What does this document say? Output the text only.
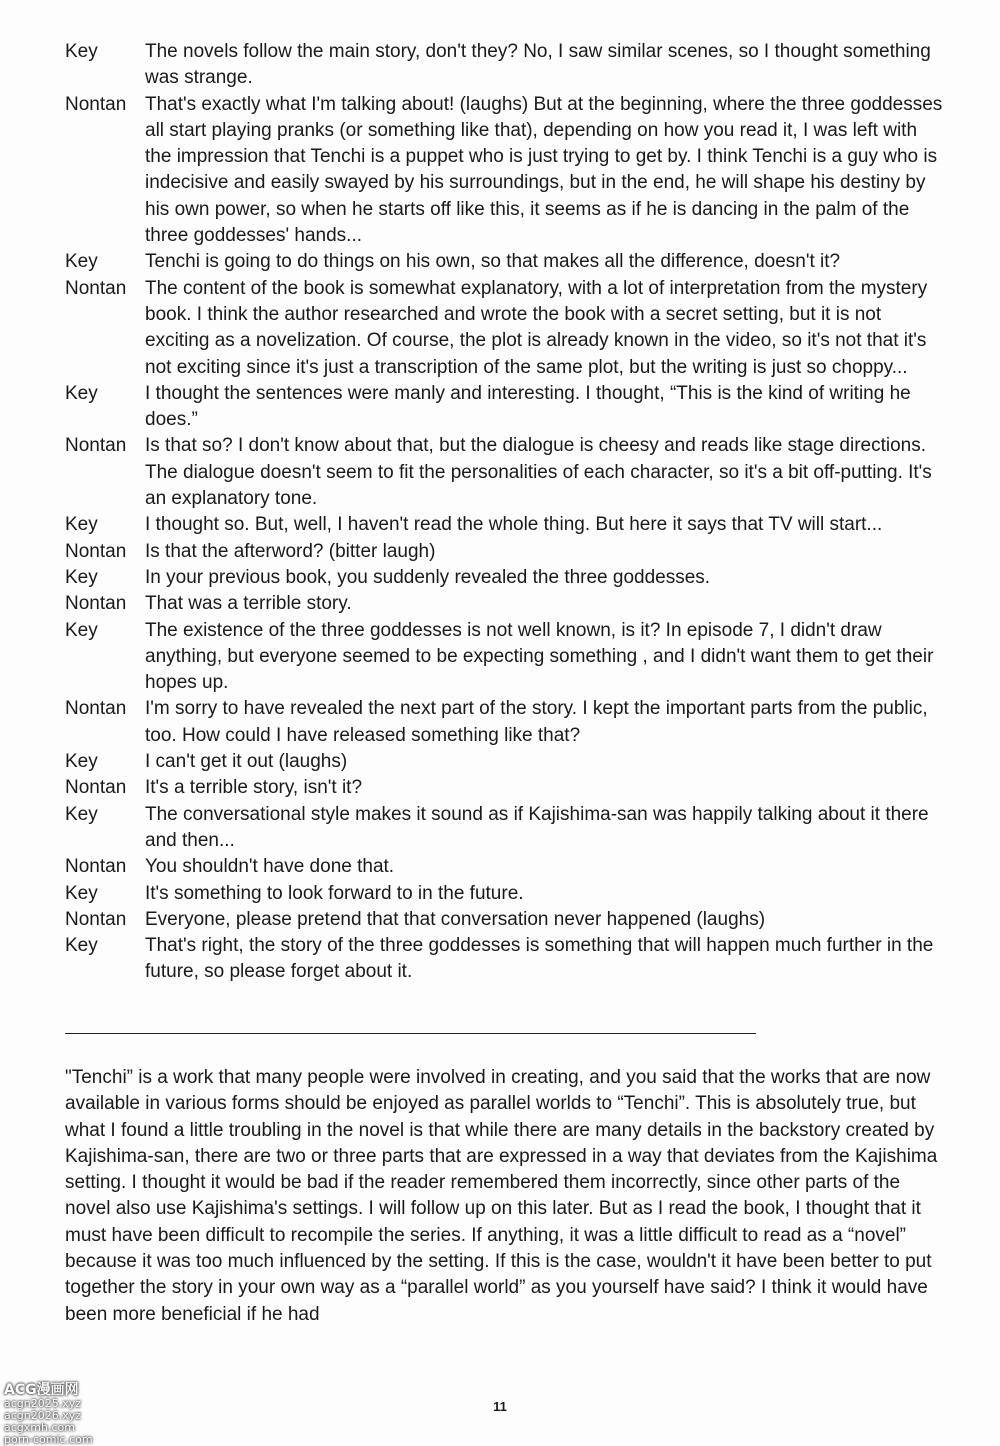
Key	The novels follow the main story, don't they? No, I saw similar scenes, so I thought something was strange.
Nontan That's exactly what I'm talking about! (laughs) But at the beginning, where the three goddesses all start playing pranks (or something like that), depending on how you read it, I was left with the impression that Tenchi is a puppet who is just trying to get by. I think Tenchi is a guy who is indecisive and easily swayed by his surroundings, but in the end, he will shape his destiny by his own power, so when he starts off like this, it seems as if he is dancing in the palm of the three goddesses' hands...
Key	Tenchi is going to do things on his own, so that makes all the difference, doesn't it?
Nontan The content of the book is somewhat explanatory, with a lot of interpretation from the mystery book. I think the author researched and wrote the book with a secret setting, but it is not exciting as a novelization. Of course, the plot is already known in the video, so it's not that it's not exciting since it's just a transcription of the same plot, but the writing is just so choppy...
Key	I thought the sentences were manly and interesting. I thought, “This is the kind of writing he does.”
Nontan Is that so? I don't know about that, but the dialogue is cheesy and reads like stage directions. The dialogue doesn't seem to fit the personalities of each character, so it's a bit off-putting. It's an explanatory tone.
Key	I thought so. But, well, I haven't read the whole thing. But here it says that TV will start...
Nontan Is that the afterword? (bitter laugh)
Key	In your previous book, you suddenly revealed the three goddesses.
Nontan That was a terrible story.
Key	The existence of the three goddesses is not well known, is it? In episode 7, I didn't draw anything, but everyone seemed to be expecting something , and I didn't want them to get their hopes up.
Nontan I'm sorry to have revealed the next part of the story. I kept the important parts from the public, too. How could I have released something like that?
Key	I can't get it out (laughs)
Nontan It's a terrible story, isn't it?
Key	The conversational style makes it sound as if Kajishima-san was happily talking about it there and then...
Nontan You shouldn't have done that.
Key	It's something to look forward to in the future.
Nontan Everyone, please pretend that that conversation never happened (laughs)
Key	That's right, the story of the three goddesses is something that will happen much further in the future, so please forget about it.
"Tenchi” is a work that many people were involved in creating, and you said that the works that are now available in various forms should be enjoyed as parallel worlds to “Tenchi”. This is absolutely true, but what I found a little troubling in the novel is that while there are many details in the backstory created by Kajishima-san, there are two or three parts that are expressed in a way that deviates from the Kajishima setting. I thought it would be bad if the reader remembered them incorrectly, since other parts of the novel also use Kajishima's settings. I will follow up on this later. But as I read the book, I thought that it must have been difficult to recompile the series. If anything, it was a little difficult to read as a “novel” because it was too much influenced by the setting. If this is the case, wouldn't it have been better to put together the story in your own way as a “parallel world” as you yourself have said? I think it would have been more beneficial if he had
11
ACG漫画网
acgn2025.xyz
acgn2026.xyz
acgxmh.com
porn-comic.com
